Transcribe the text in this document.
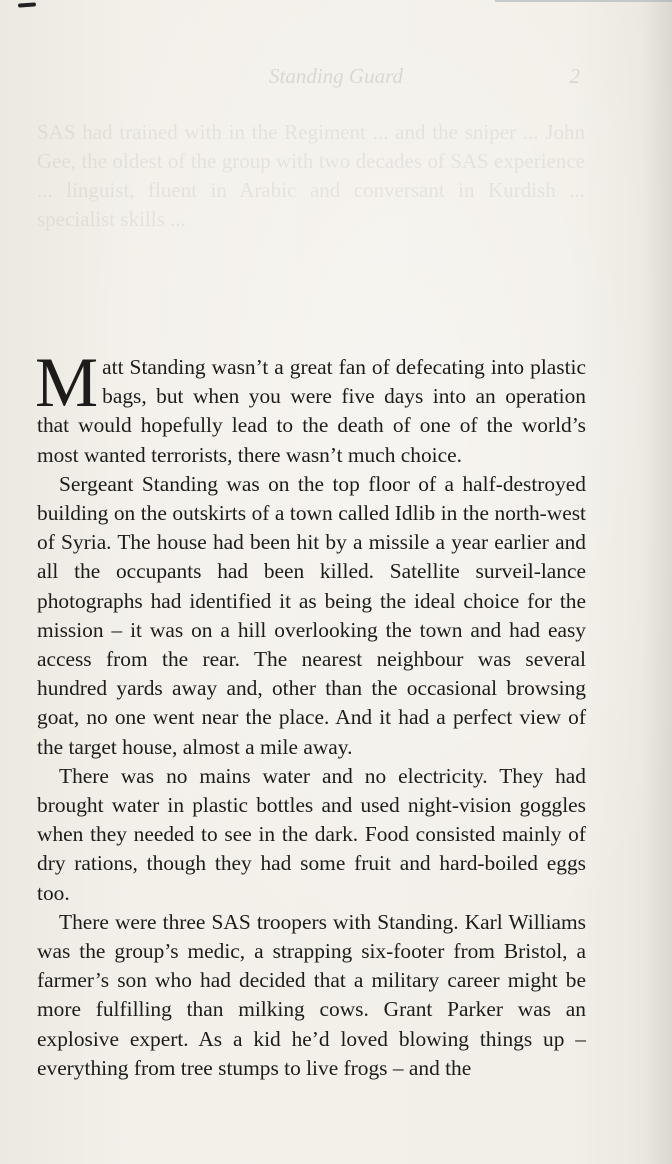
Standing Guard	2
SAS had trained with in the Regiment ... and the sniper ... John Gee, the oldest of the group with two decades of SAS experience ... linguist, fluent in Arabic and conversant in Kurdish ... specialist skills ...

Matt Standing wasn’t a great fan of defecating into plastic bags, but when you were five days into an operation that would hopefully lead to the death of one of the world’s most wanted terrorists, there wasn’t much choice.

Sergeant Standing was on the top floor of a half-destroyed building on the outskirts of a town called Idlib in the north-west of Syria. The house had been hit by a missile a year earlier and all the occupants had been killed. Satellite surveil-lance photographs had identified it as being the ideal choice for the mission – it was on a hill overlooking the town and had easy access from the rear. The nearest neighbour was several hundred yards away and, other than the occasional browsing goat, no one went near the place. And it had a perfect view of the target house, almost a mile away.

There was no mains water and no electricity. They had brought water in plastic bottles and used night-vision goggles when they needed to see in the dark. Food consisted mainly of dry rations, though they had some fruit and hard-boiled eggs too.

There were three SAS troopers with Standing. Karl Williams was the group’s medic, a strapping six-footer from Bristol, a farmer’s son who had decided that a military career might be more fulfilling than milking cows. Grant Parker was an explosive expert. As a kid he’d loved blowing things up – everything from tree stumps to live frogs – and the
